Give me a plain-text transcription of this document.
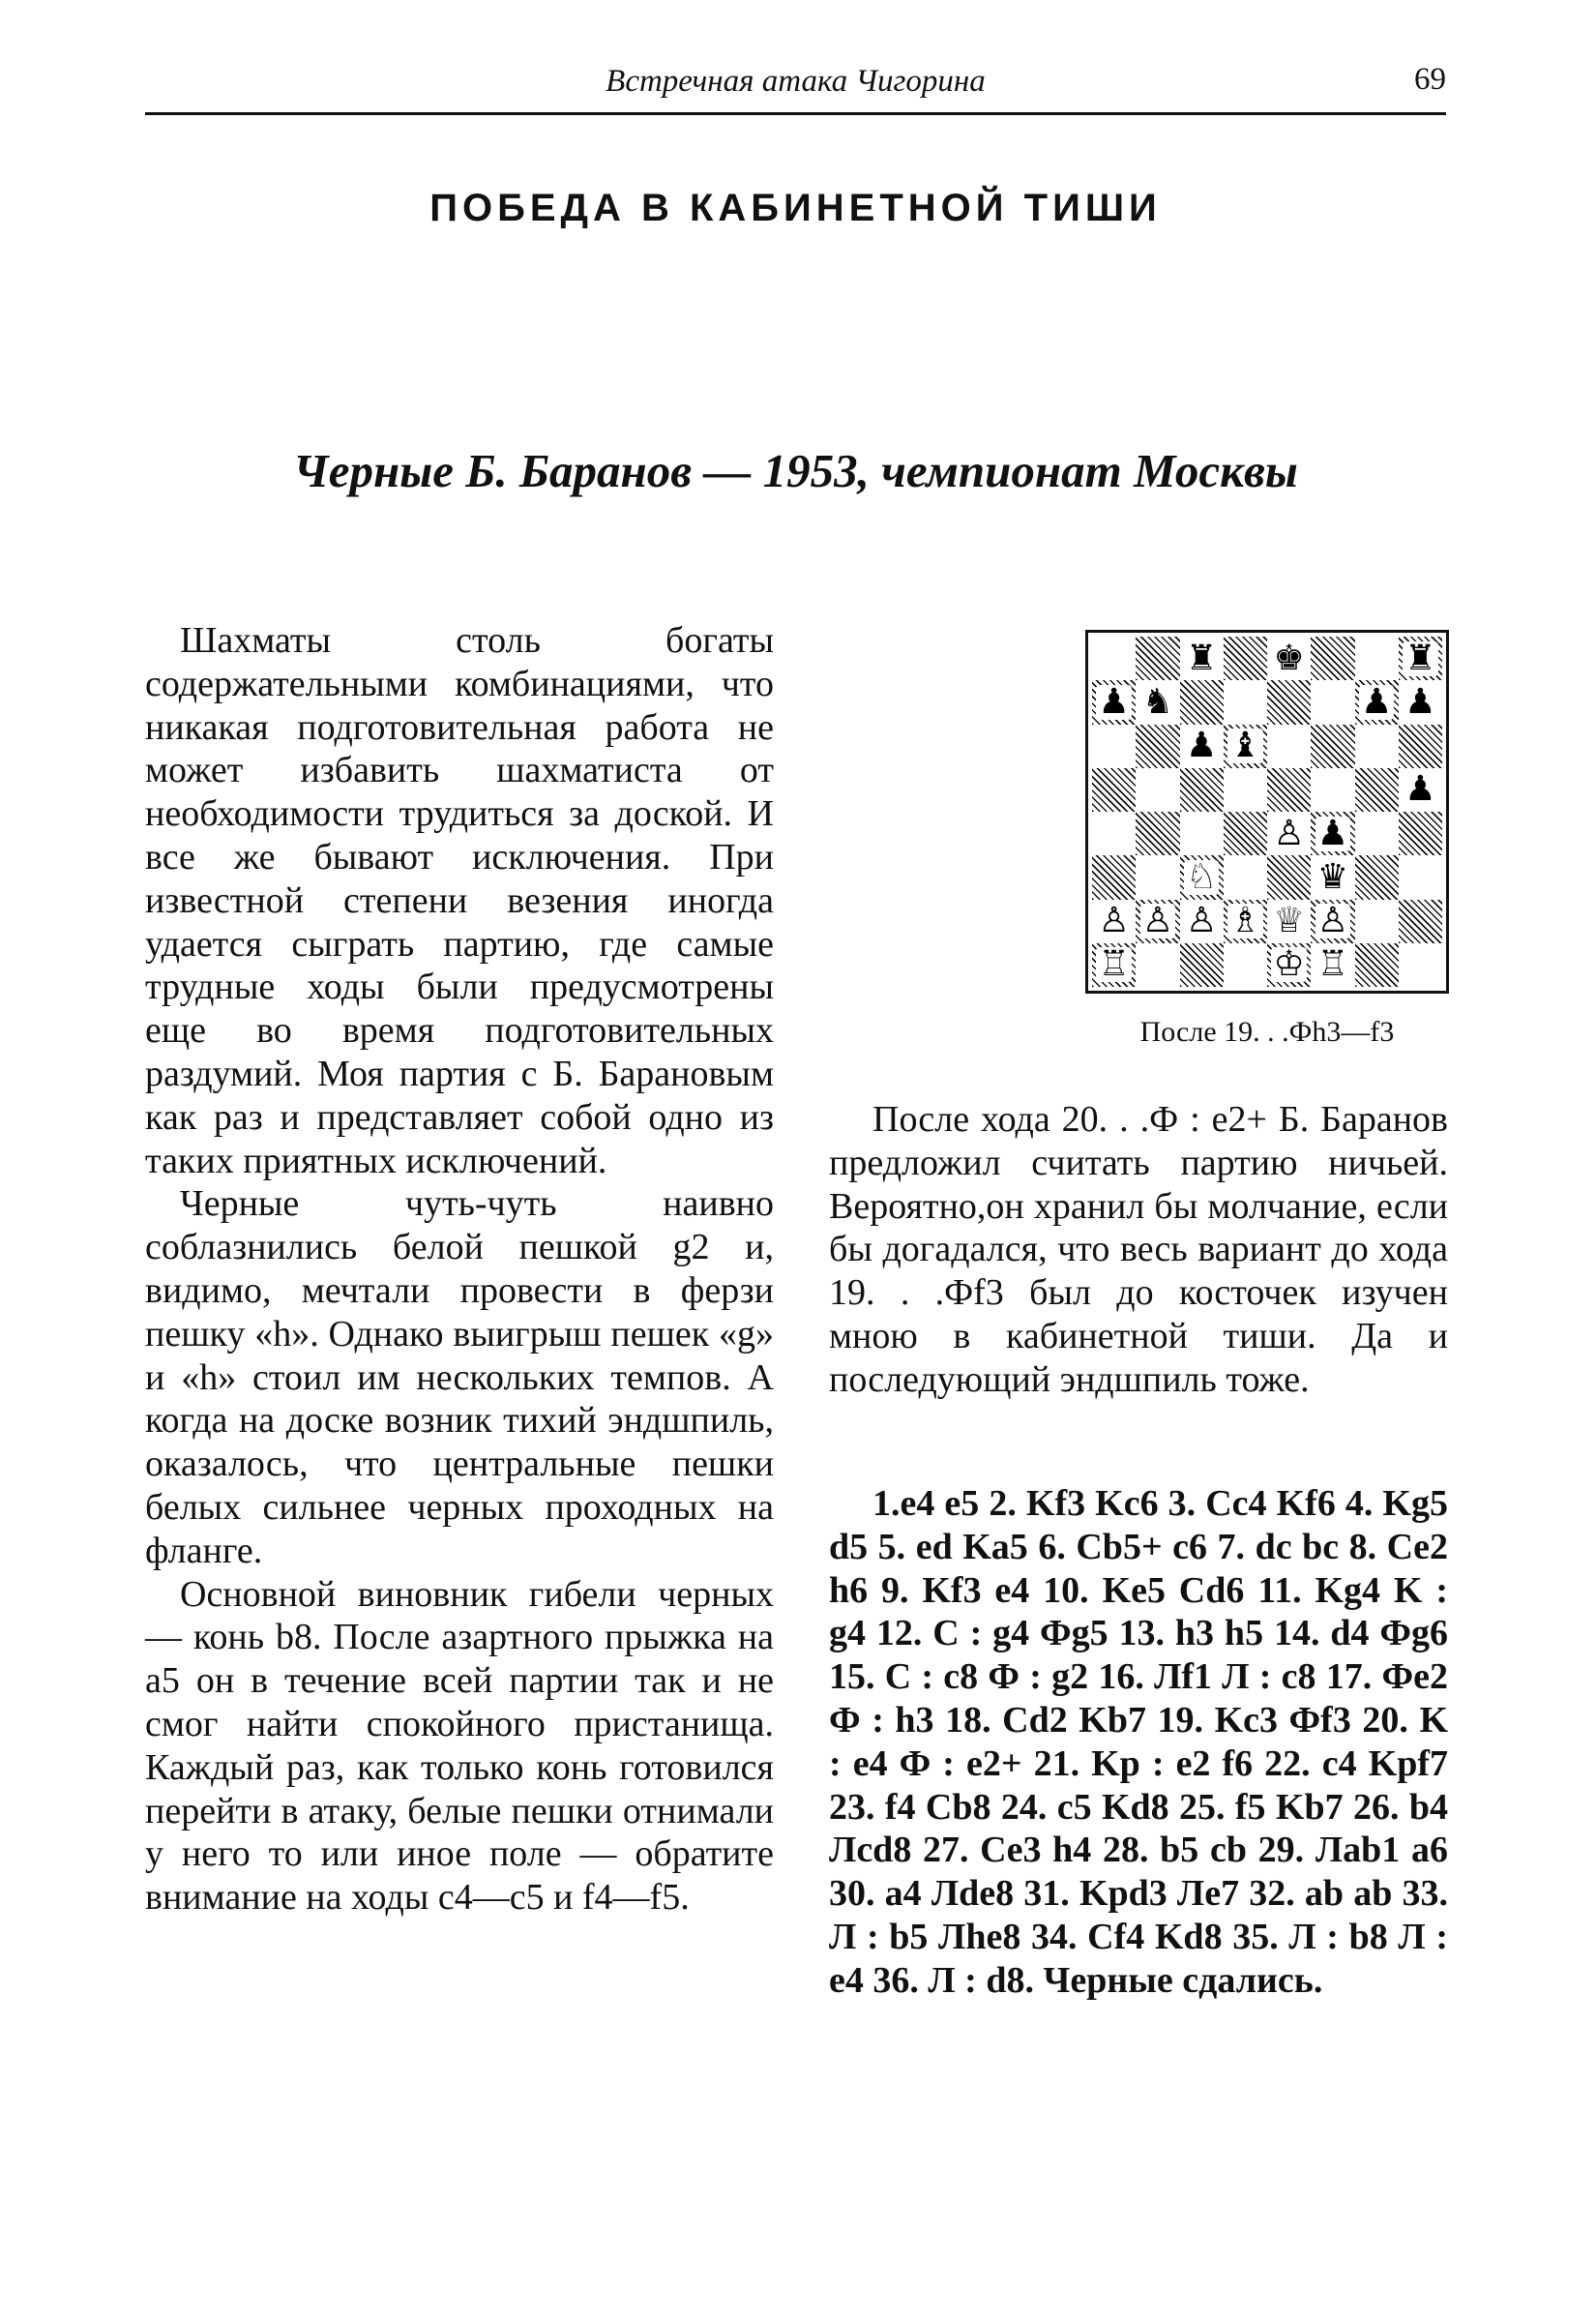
Встречная атака Чигорина	69
ПОБЕДА В КАБИНЕТНОЙ ТИШИ
Черные Б. Баранов — 1953, чемпионат Москвы

Шахматы столь богаты содержательными комбинациями, что никакая подготовительная работа не может избавить шахматиста от необходимости трудиться за доской. И все же бывают исключения. При известной степени везения иногда удается сыграть партию, где самые трудные ходы были предусмотрены еще во время подготовительных раздумий. Моя партия с Б. Барановым как раз и представляет собой одно из таких приятных исключений.

Черные чуть-чуть наивно соблазнились белой пешкой g2 и, видимо, мечтали провести в ферзи пешку «h». Однако выигрыш пешек «g» и «h» стоил им нескольких темпов. А когда на доске возник тихий эндшпиль, оказалось, что центральные пешки белых сильнее черных проходных на фланге.

Основной виновник гибели черных — конь b8. После азартного прыжка на a5 он в течение всей партии так и не смог найти спокойного пристанища. Каждый раз, как только конь готовился перейти в атаку, белые пешки отнимали у него то или иное поле — обратите внимание на ходы c4—c5 и f4—f5.

♜ ♚	♜
♟ ♞	♟ ♟
♟ ♝
♟
♙ ♟
♘	♛
♙ ♙ ♙ ♗ ♕ ♙
♖	♔ ♖
После 19. . .Фh3—f3

После хода 20. . .Ф : e2+ Б. Баранов предложил считать партию ничьей. Вероятно,он хранил бы молчание, если бы догадался, что весь вариант до хода 19. . .Фf3 был до косточек изучен мною в кабинетной тиши. Да и последующий эндшпиль тоже.

1.e4 e5 2. Kf3 Kc6 3. Cc4 Kf6 4. Kg5 d5 5. ed Ka5 6. Cb5+ c6 7. dc bc 8. Ce2 h6 9. Kf3 e4 10. Ke5 Cd6 11. Kg4 K : g4 12. C : g4 Фg5 13. h3 h5 14. d4 Фg6 15. C : c8 Ф : g2 16. Лf1 Л : c8 17. Фe2 Ф : h3 18. Cd2 Kb7 19. Kc3 Фf3 20. K : e4 Ф : e2+ 21. Kp : e2 f6 22. c4 Kpf7 23. f4 Cb8 24. c5 Kd8 25. f5 Kb7 26. b4 Лcd8 27. Ce3 h4 28. b5 cb 29. Лab1 a6 30. a4 Лde8 31. Kpd3 Лe7 32. ab ab 33. Л : b5 Лhe8 34. Cf4 Kd8 35. Л : b8 Л : e4 36. Л : d8. Черные сдались.
